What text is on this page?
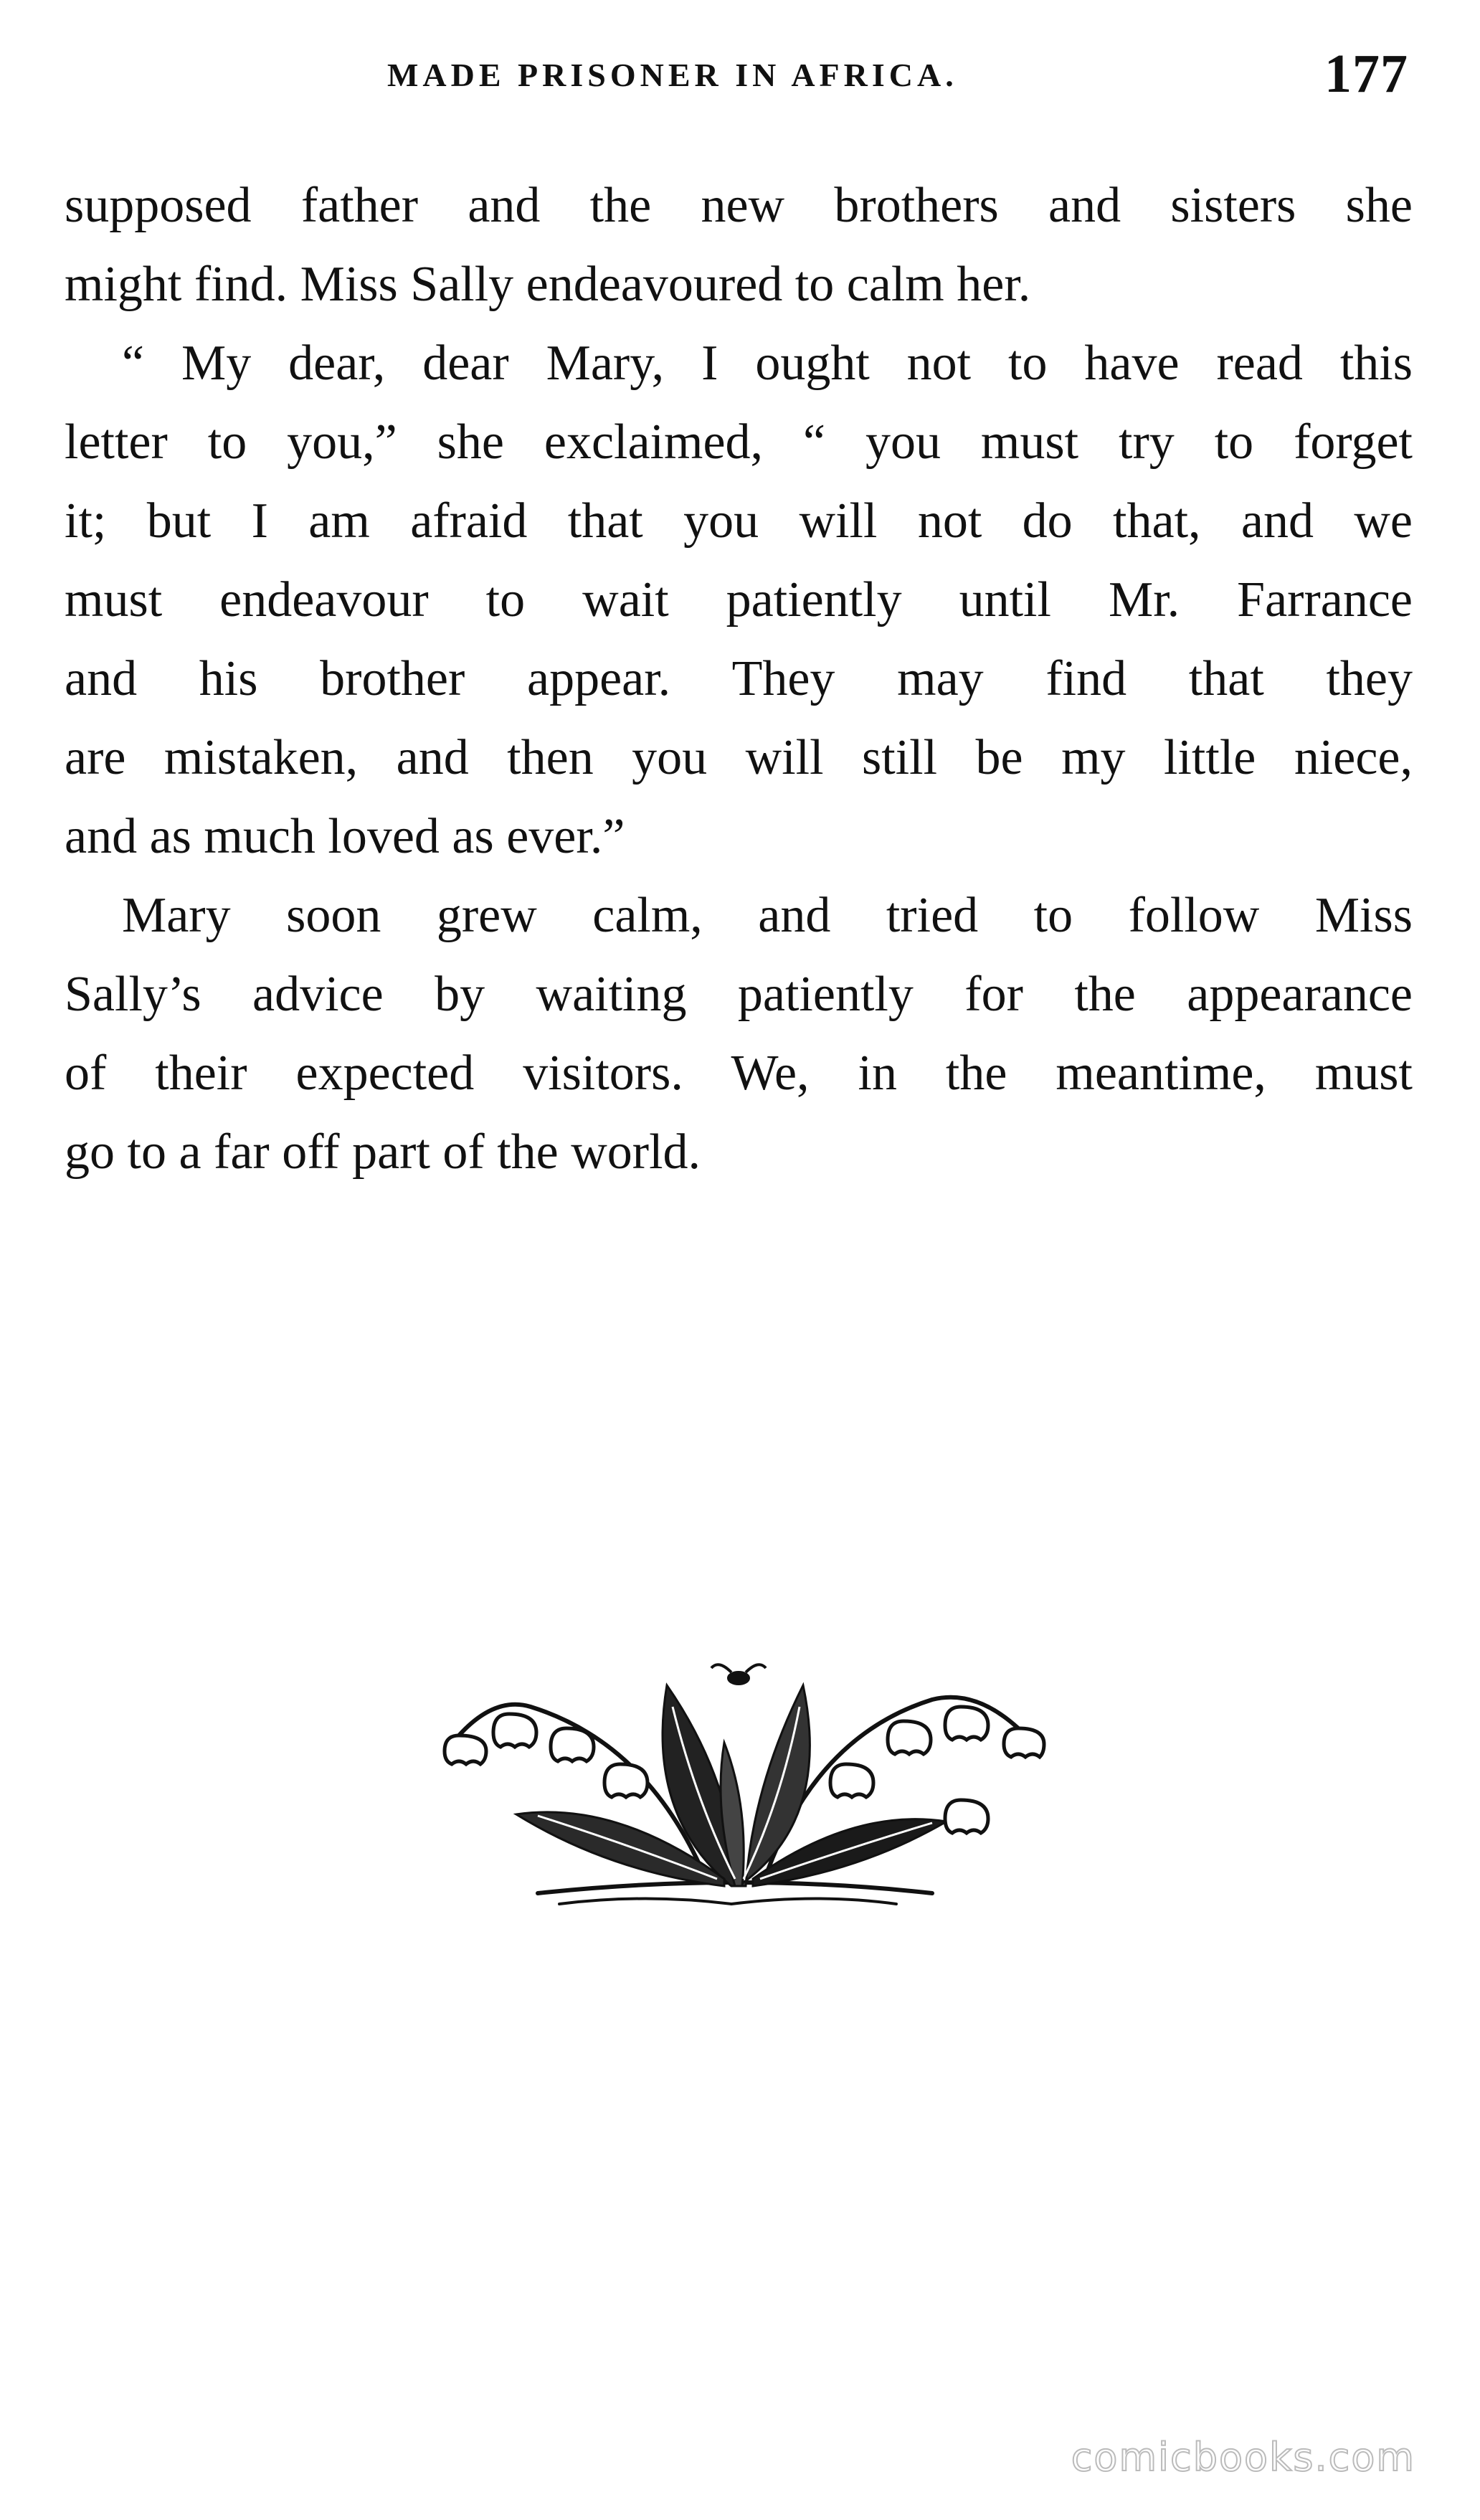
MADE PRISONER IN AFRICA.	177
supposed father and the new brothers and sisters she
might find. Miss Sally endeavoured to calm her.
“ My dear, dear Mary, I ought not to have read this
letter to you,” she exclaimed, “ you must try to forget
it; but I am afraid that you will not do that, and we
must endeavour to wait patiently until Mr. Farrance
and his brother appear. They may find that they
are mistaken, and then you will still be my little niece,
and as much loved as ever.”
Mary soon grew calm, and tried to follow Miss
Sally’s advice by waiting patiently for the appearance
of their expected visitors. We, in the meantime, must
go to a far off part of the world.
comicbooks.com
